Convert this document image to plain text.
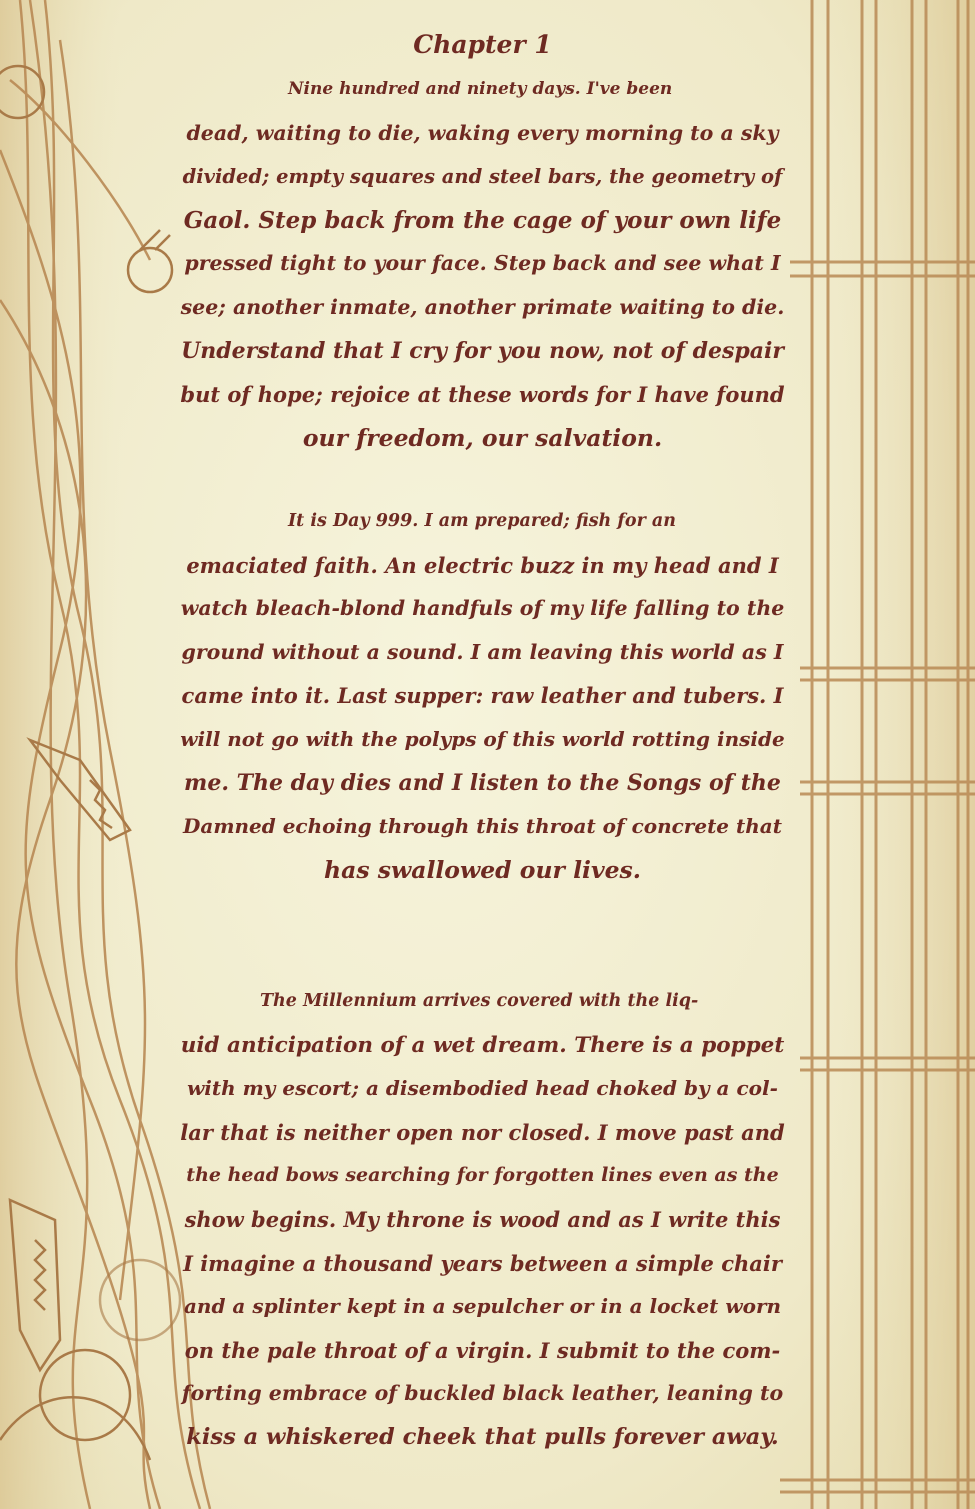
Chapter 1
Nine hundred and ninety days. I've been
dead, waiting to die, waking every morning to a sky
divided; empty squares and steel bars, the geometry of
Gaol. Step back from the cage of your own life
pressed tight to your face. Step back and see what I
see; another inmate, another primate waiting to die.
Understand that I cry for you now, not of despair
but of hope; rejoice at these words for I have found
our freedom, our salvation.
It is Day 999. I am prepared; fish for an
emaciated faith. An electric buzz in my head and I
watch bleach-blond handfuls of my life falling to the
ground without a sound. I am leaving this world as I
came into it. Last supper: raw leather and tubers. I
will not go with the polyps of this world rotting inside
me. The day dies and I listen to the Songs of the
Damned echoing through this throat of concrete that
has swallowed our lives.
The Millennium arrives covered with the liq-
uid anticipation of a wet dream. There is a poppet
with my escort; a disembodied head choked by a col-
lar that is neither open nor closed. I move past and
the head bows searching for forgotten lines even as the
show begins. My throne is wood and as I write this
I imagine a thousand years between a simple chair
and a splinter kept in a sepulcher or in a locket worn
on the pale throat of a virgin. I submit to the com-
forting embrace of buckled black leather, leaning to
kiss a whiskered cheek that pulls forever away.
